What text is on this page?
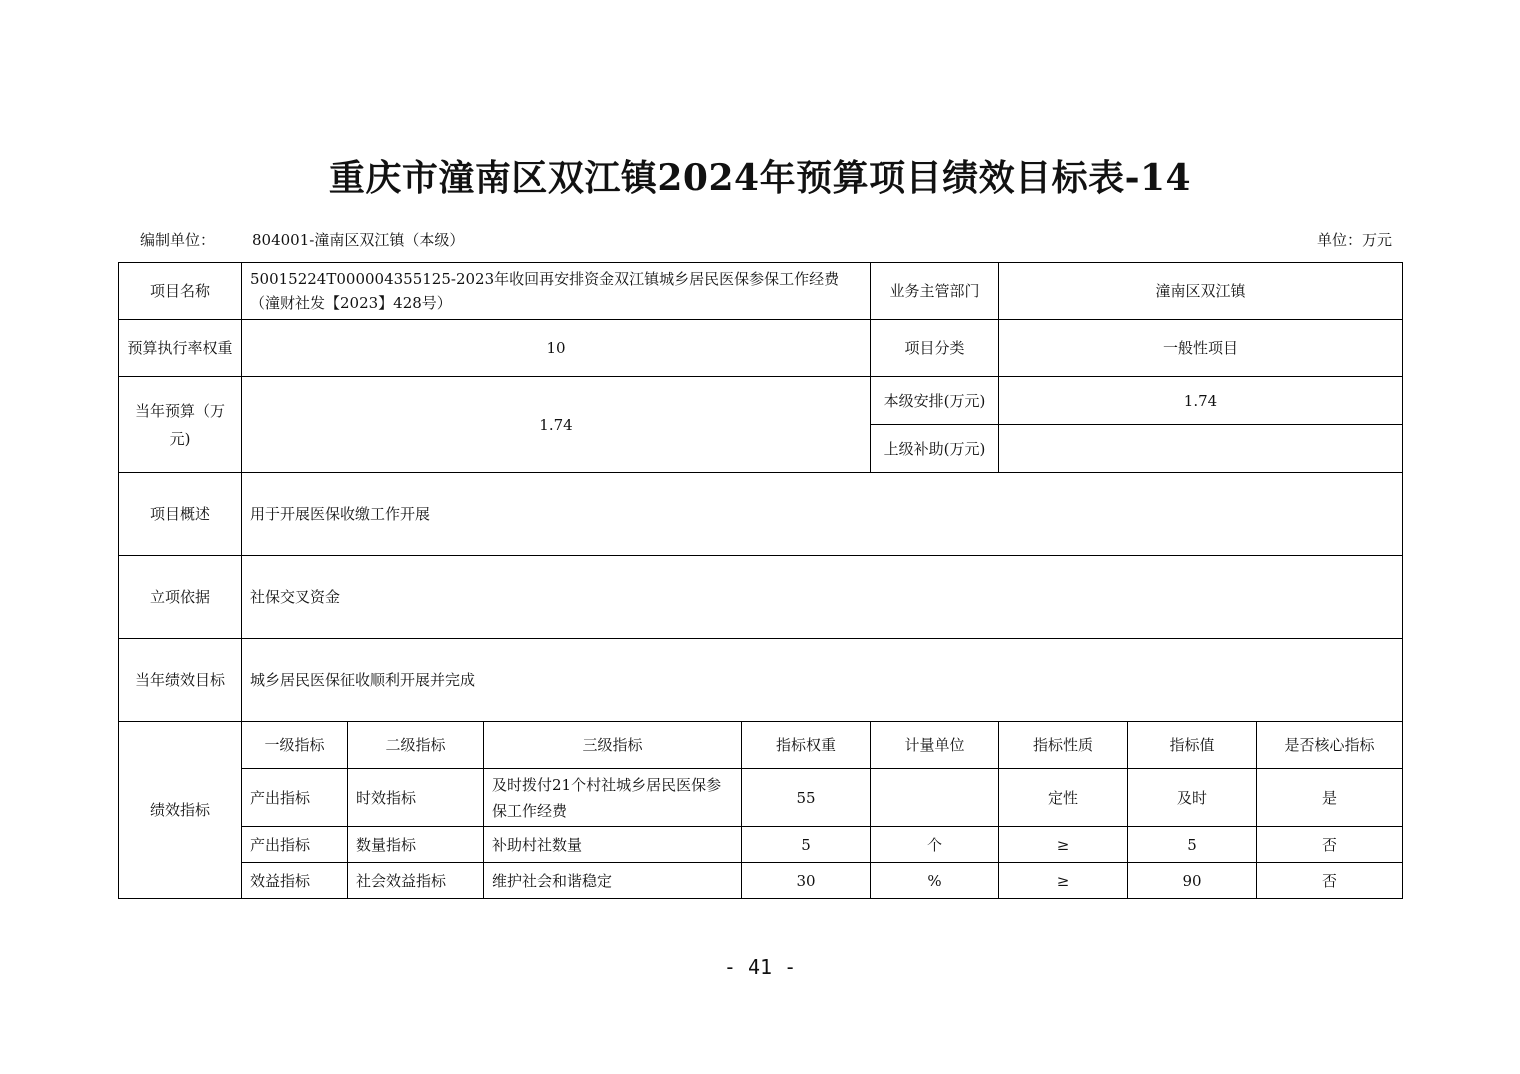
重庆市潼南区双江镇2024年预算项目绩效目标表-14
编制单位： 804001-潼南区双江镇（本级）	单位：万元
项目名称	50015224T000004355125-2023年收回再安排资金双江镇城乡居民医保参保工作经费（潼财社发【2023】428号）				业务主管部门	潼南区双江镇		
预算执行率权重	10				项目分类	一般性项目		
当年预算（万元)	1.74				本级安排(万元)	1.74		
					上级补助(万元)			
项目概述	用于开展医保收缴工作开展							
立项依据	社保交叉资金							
当年绩效目标	城乡居民医保征收顺利开展并完成							
绩效指标	一级指标	二级指标	三级指标	指标权重	计量单位	指标性质	指标值	是否核心指标
	产出指标	时效指标	及时拨付21个村社城乡居民医保参保工作经费	55		定性	及时	是
	产出指标	数量指标	补助村社数量	5	个	≥	5	否
	效益指标	社会效益指标	维护社会和谐稳定	30	%	≥	90	否
- 41 -
